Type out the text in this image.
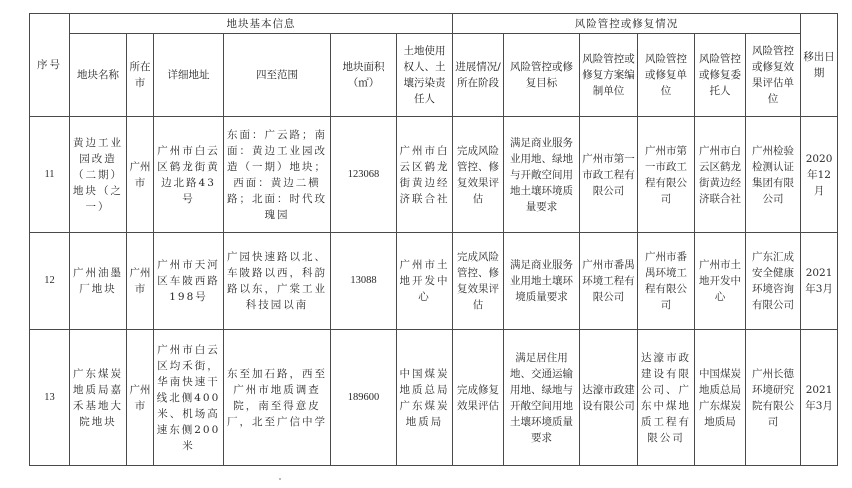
序号	地块基本信息						风险管控或修复情况						移出日期
	地块名称	所在市	详细地址	四至范围	地块面积（㎡）	土地使用权人、土壤污染责任人	进展情况/所在阶段	风险管控或修复目标	风险管控或修复方案编制单位	风险管控或修复单位	风险管控或修复委托人	风险管控或修复效果评估单位	
11	黄边工业园改造（二期）地块（之一）	广州市	广州市白云区鹤龙街黄边北路43号	东面：广云路；南面：黄边工业园改造（一期）地块；西面：黄边二横路；北面：时代玫瑰园	123068	广州市白云区鹤龙街黄边经济联合社	完成风险管控、修复效果评估	满足商业服务业用地、绿地与开敞空间用地土壤环境质量要求	广州市第一市政工程有限公司	广州市第一市政工程有限公司	广州市白云区鹤龙街黄边经济联合社	广州检验检测认证集团有限公司	2020年12月
12	广州油墨厂地块	广州市	广州市天河区车陂西路198号	广园快速路以北、车陂路以西，科韵路以东，广棠工业科技园以南	13088	广州市土地开发中心	完成风险管控、修复效果评估	满足商业服务业用地土壤环境质量要求	广州市番禺环境工程有限公司	广州市番禺环境工程有限公司	广州市土地开发中心	广东汇成安全健康环境咨询有限公司	2021年3月
13	广东煤炭地质局嘉禾基地大院地块	广州市	广州市白云区均禾街，华南快速干线北侧400米、机场高速东侧200米	东至加石路，西至广州市地质调查院，南至得意皮厂，北至广信中学	189600	中国煤炭地质总局广东煤炭地质局	完成修复效果评估	满足居住用地、交通运输用地、绿地与开敞空间用地土壤环境质量要求	达濠市政建设有限公司	达濠市政建设有限公司、广东中煤地质工程有限公司	中国煤炭地质总局广东煤炭地质局	广州长德环境研究院有限公司	2021年3月
